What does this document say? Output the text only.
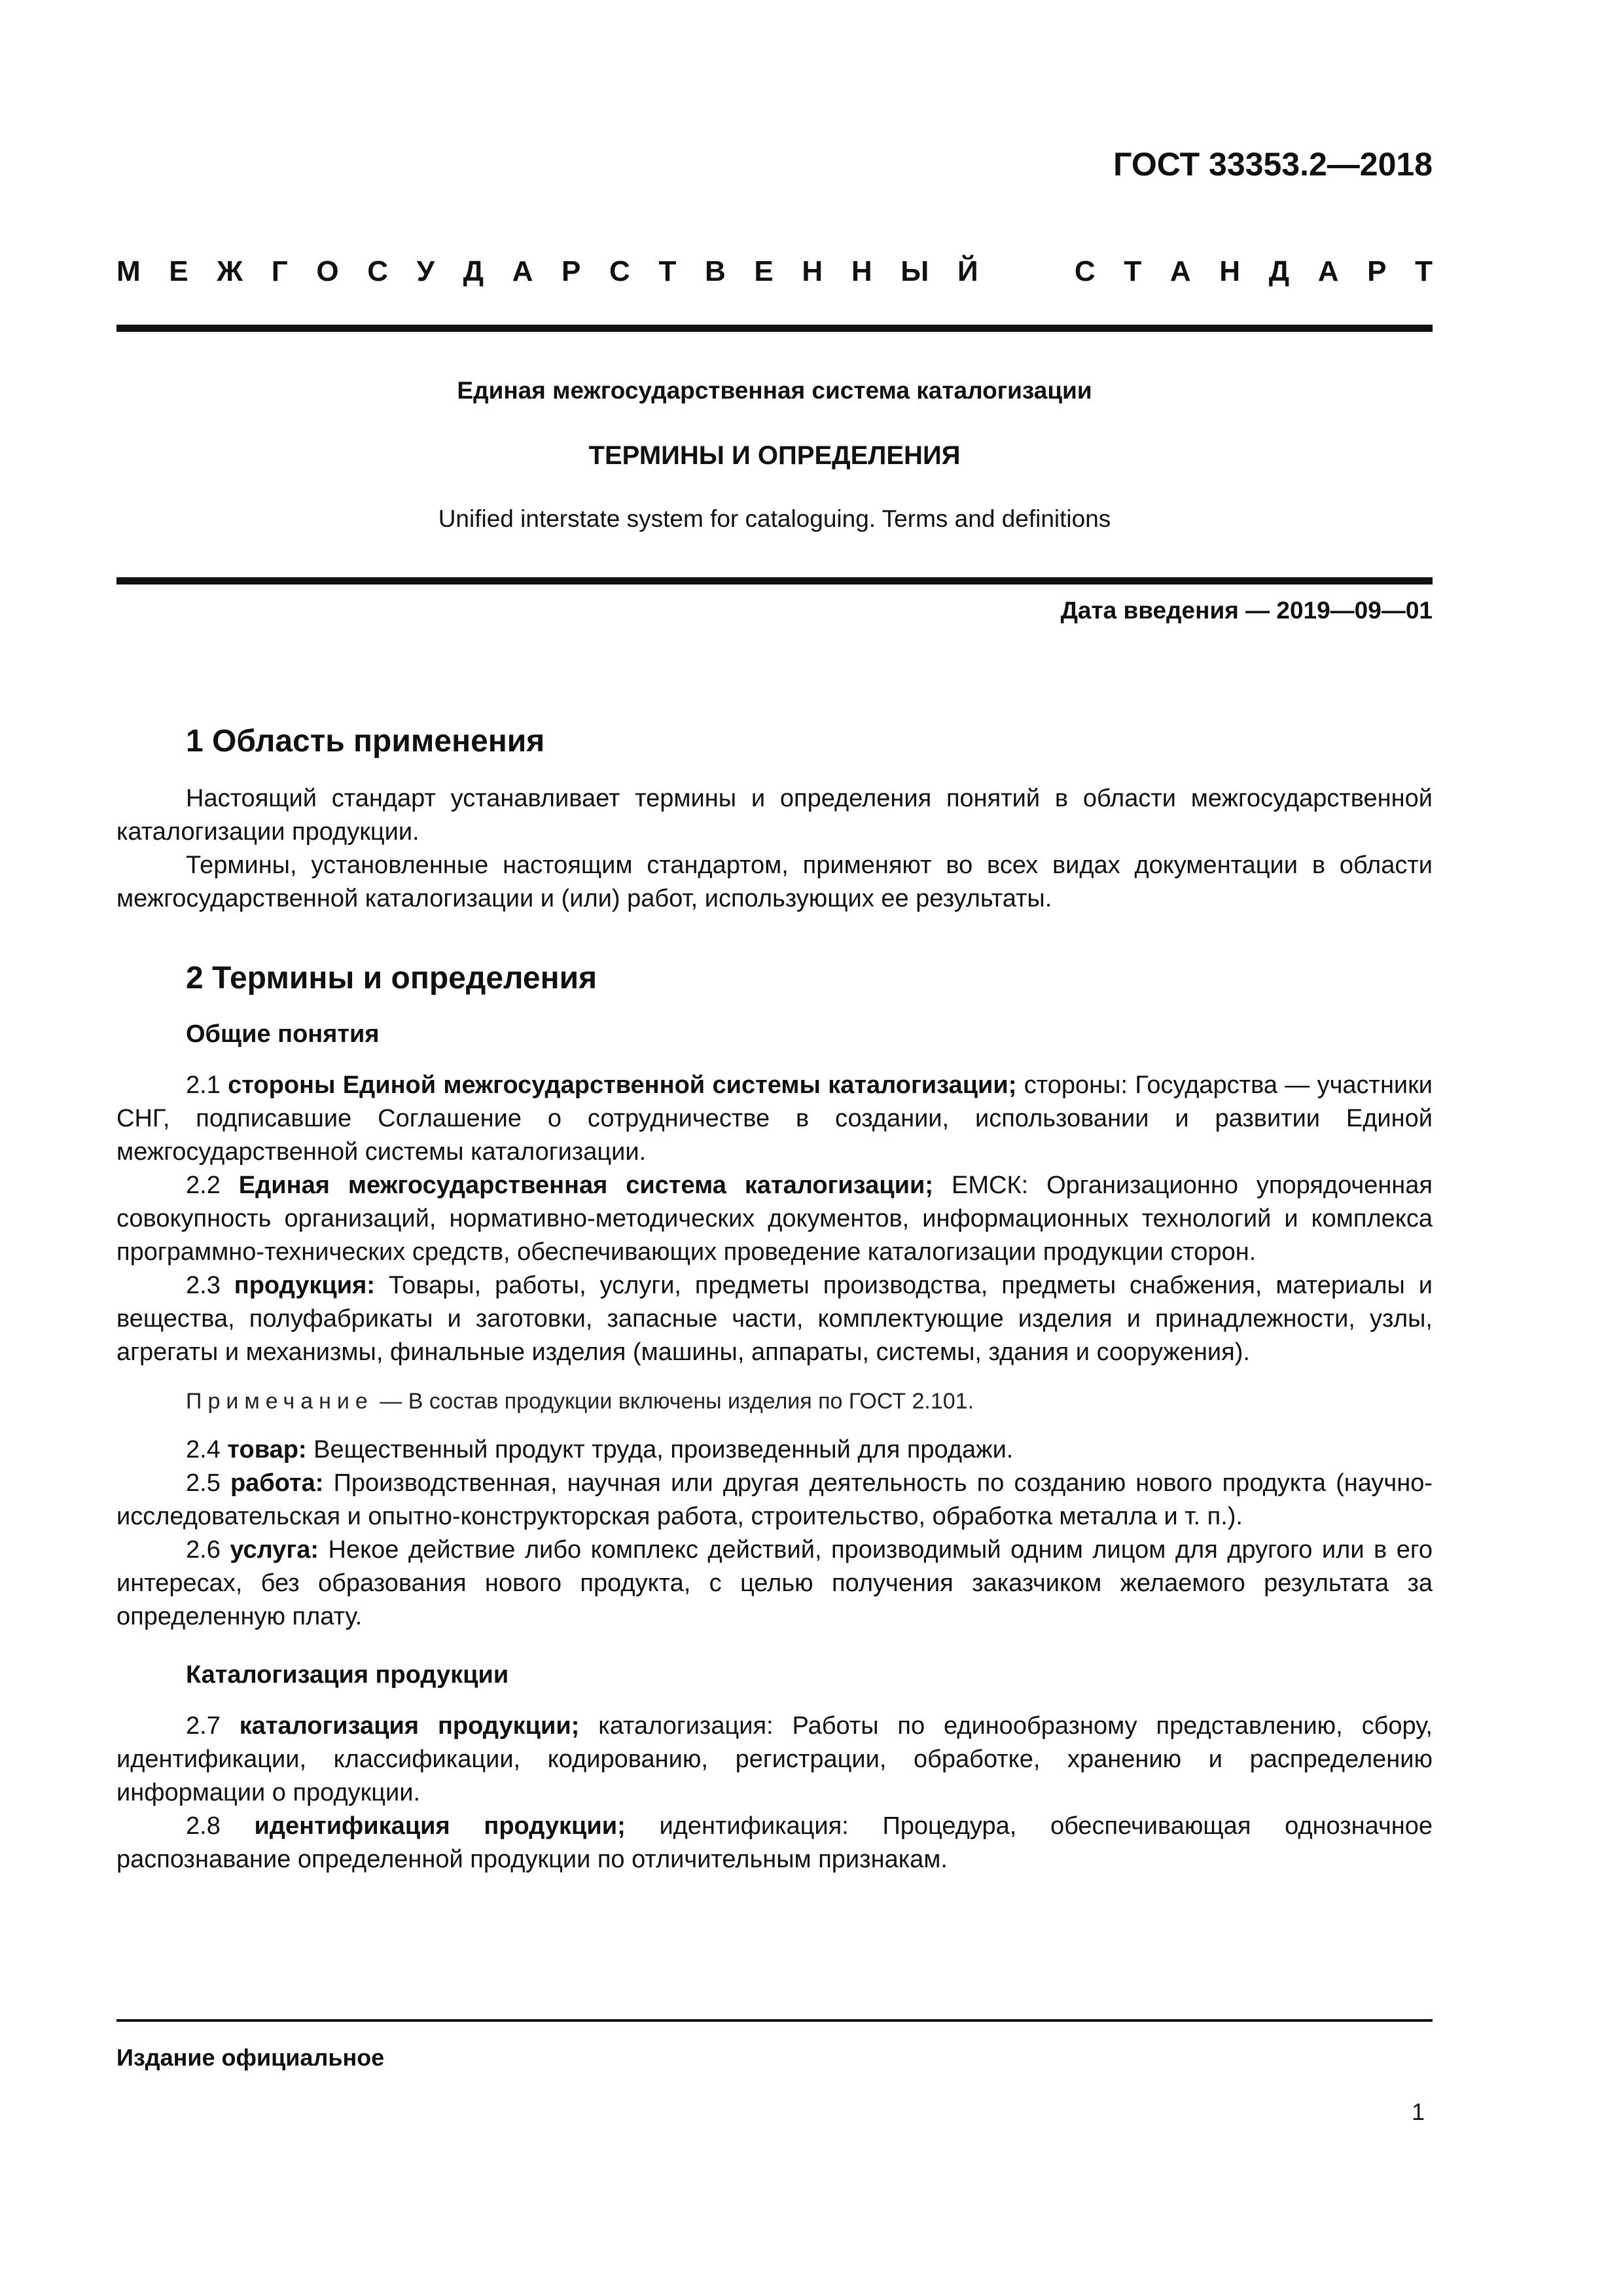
ГОСТ 33353.2—2018
М Е Ж Г О С У Д А Р С Т В Е Н Н Ы Й	С Т А Н Д А Р Т
Единая межгосударственная система каталогизации
ТЕРМИНЫ И ОПРЕДЕЛЕНИЯ
Unified interstate system for cataloguing. Terms and definitions
Дата введения — 2019—09—01
1 Область применения

Настоящий стандарт устанавливает термины и определения понятий в области межгосударственной каталогизации продукции.

Термины, установленные настоящим стандартом, применяют во всех видах документации в области межгосударственной каталогизации и (или) работ, использующих ее результаты.

2 Термины и определения
Общие понятия

2.1 стороны Единой межгосударственной системы каталогизации; стороны: Государства — участники СНГ, подписавшие Соглашение о сотрудничестве в создании, использовании и развитии Единой межгосударственной системы каталогизации.

2.2 Единая межгосударственная система каталогизации; ЕМСК: Организационно упорядоченная совокупность организаций, нормативно-методических документов, информационных технологий и комплекса программно-технических средств, обеспечивающих проведение каталогизации продукции сторон.

2.3 продукция: Товары, работы, услуги, предметы производства, предметы снабжения, материалы и вещества, полуфабрикаты и заготовки, запасные части, комплектующие изделия и принадлежности, узлы, агрегаты и механизмы, финальные изделия (машины, аппараты, системы, здания и сооружения).

Примечание — В состав продукции включены изделия по ГОСТ 2.101.

2.4 товар: Вещественный продукт труда, произведенный для продажи.

2.5 работа: Производственная, научная или другая деятельность по созданию нового продукта (научно-исследовательская и опытно-конструкторская работа, строительство, обработка металла и т. п.).

2.6 услуга: Некое действие либо комплекс действий, производимый одним лицом для другого или в его интересах, без образования нового продукта, с целью получения заказчиком желаемого результата за определенную плату.

Каталогизация продукции

2.7 каталогизация продукции; каталогизация: Работы по единообразному представлению, сбору, идентификации, классификации, кодированию, регистрации, обработке, хранению и распределению информации о продукции.

2.8 идентификация продукции; идентификация: Процедура, обеспечивающая однозначное распознавание определенной продукции по отличительным признакам.

Издание официальное
1
